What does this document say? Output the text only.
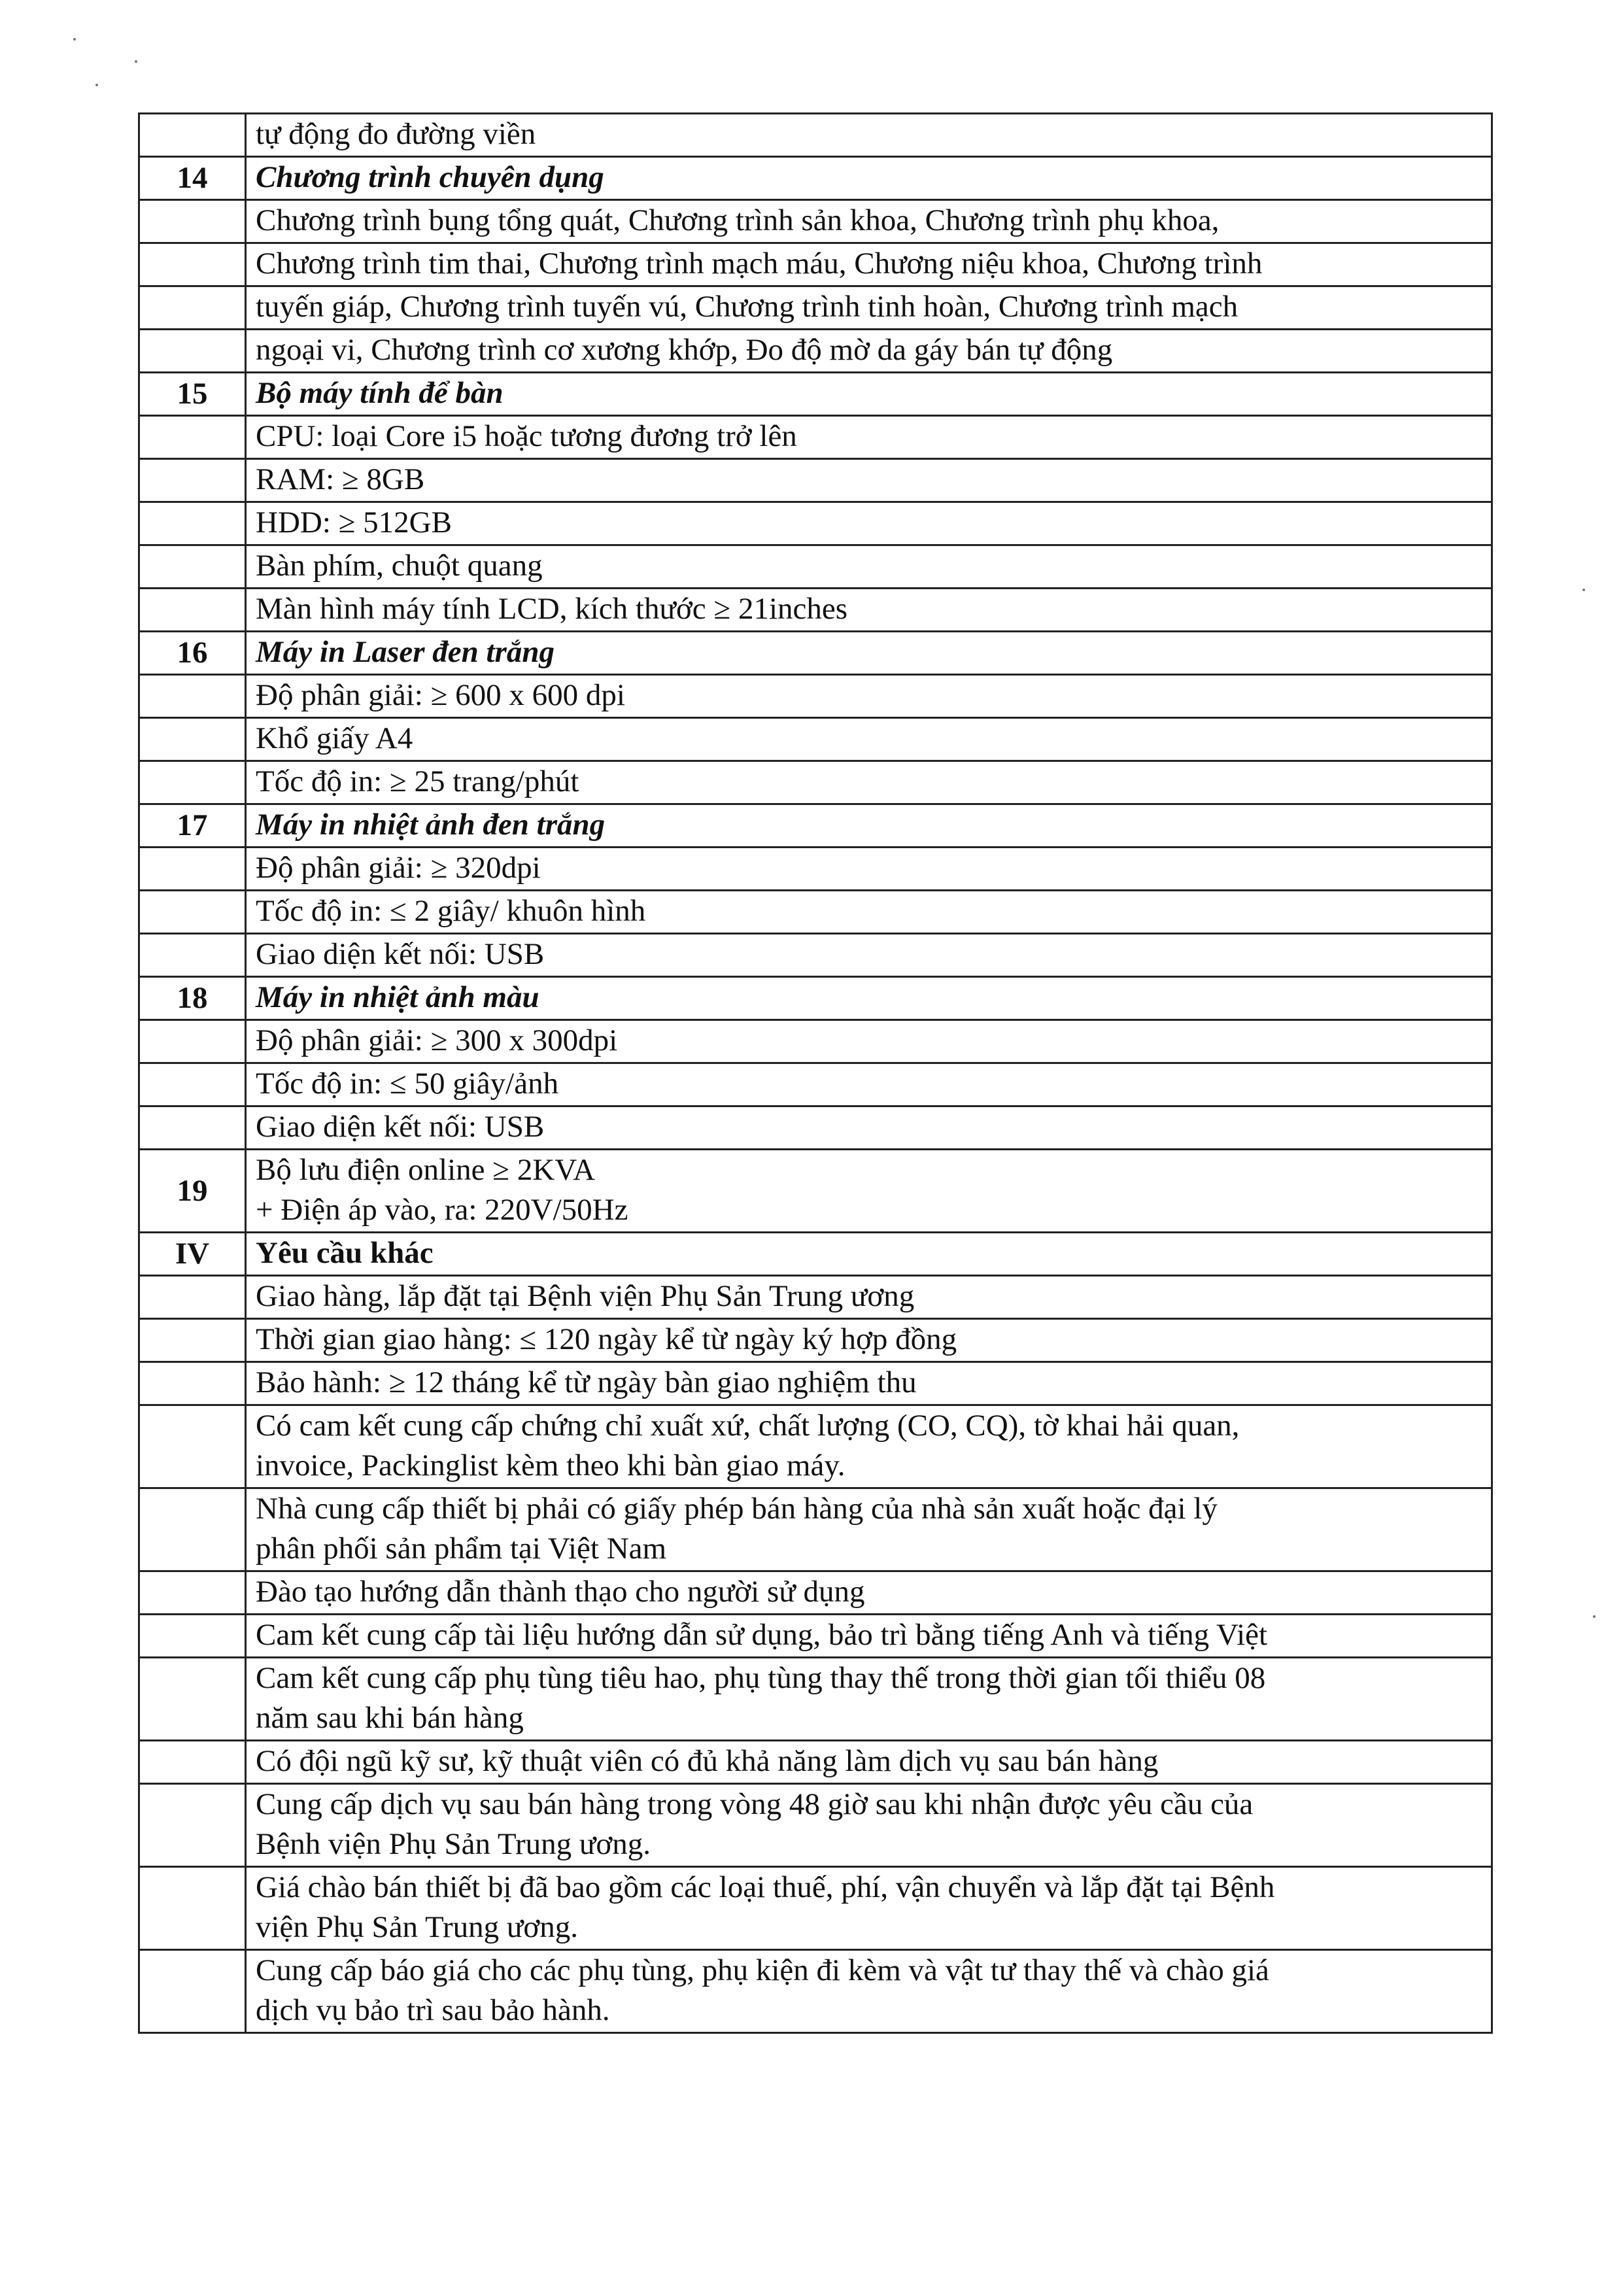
	tự động đo đường viền
14	Chương trình chuyên dụng
	Chương trình bụng tổng quát, Chương trình sản khoa, Chương trình phụ khoa,
	Chương trình tim thai, Chương trình mạch máu, Chương niệu khoa, Chương trình
	tuyến giáp, Chương trình tuyến vú, Chương trình tinh hoàn, Chương trình mạch
	ngoại vi, Chương trình cơ xương khớp, Đo độ mờ da gáy bán tự động
15	Bộ máy tính để bàn
	CPU: loại Core i5 hoặc tương đương trở lên
	RAM: ≥ 8GB
	HDD: ≥ 512GB
	Bàn phím, chuột quang
	Màn hình máy tính LCD, kích thước ≥ 21inches
16	Máy in Laser đen trắng
	Độ phân giải: ≥ 600 x 600 dpi
	Khổ giấy A4
	Tốc độ in: ≥ 25 trang/phút
17	Máy in nhiệt ảnh đen trắng
	Độ phân giải: ≥ 320dpi
	Tốc độ in: ≤ 2 giây/ khuôn hình
	Giao diện kết nối: USB
18	Máy in nhiệt ảnh màu
	Độ phân giải: ≥ 300 x 300dpi
	Tốc độ in: ≤ 50 giây/ảnh
	Giao diện kết nối: USB
19	Bộ lưu điện online ≥ 2KVA
+ Điện áp vào, ra: 220V/50Hz
IV	Yêu cầu khác
	Giao hàng, lắp đặt tại Bệnh viện Phụ Sản Trung ương
	Thời gian giao hàng: ≤ 120 ngày kể từ ngày ký hợp đồng
	Bảo hành: ≥ 12 tháng kể từ ngày bàn giao nghiệm thu
	Có cam kết cung cấp chứng chỉ xuất xứ, chất lượng (CO, CQ), tờ khai hải quan,
invoice, Packinglist kèm theo khi bàn giao máy.
	Nhà cung cấp thiết bị phải có giấy phép bán hàng của nhà sản xuất hoặc đại lý
phân phối sản phẩm tại Việt Nam
	Đào tạo hướng dẫn thành thạo cho người sử dụng
	Cam kết cung cấp tài liệu hướng dẫn sử dụng, bảo trì bằng tiếng Anh và tiếng Việt
	Cam kết cung cấp phụ tùng tiêu hao, phụ tùng thay thế trong thời gian tối thiểu 08
năm sau khi bán hàng
	Có đội ngũ kỹ sư, kỹ thuật viên có đủ khả năng làm dịch vụ sau bán hàng
	Cung cấp dịch vụ sau bán hàng trong vòng 48 giờ sau khi nhận được yêu cầu của
Bệnh viện Phụ Sản Trung ương.
	Giá chào bán thiết bị đã bao gồm các loại thuế, phí, vận chuyển và lắp đặt tại Bệnh
viện Phụ Sản Trung ương.
	Cung cấp báo giá cho các phụ tùng, phụ kiện đi kèm và vật tư thay thế và chào giá
dịch vụ bảo trì sau bảo hành.
